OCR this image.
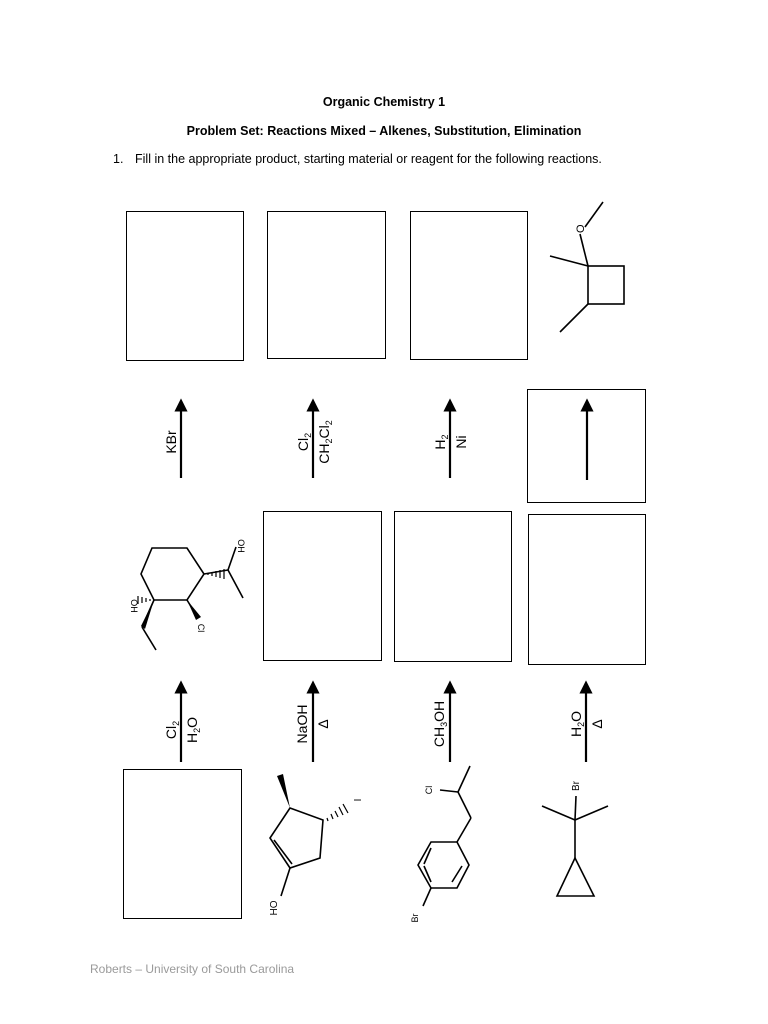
Organic Chemistry 1
Problem Set: Reactions Mixed – Alkenes, Substitution, Elimination
1. Fill in the appropriate product, starting material or reagent for the following reactions.
O
KBr	$Cl_2$
$CH_2Cl_2$
$H_2$ Ni
OH
Cl
OH
$Cl_2$
$H_2O$	NaOH Δ
$CH_3OH$
$H_2O$
Δ
I
HO
Cl
Br
Br
Roberts – University of South Carolina
